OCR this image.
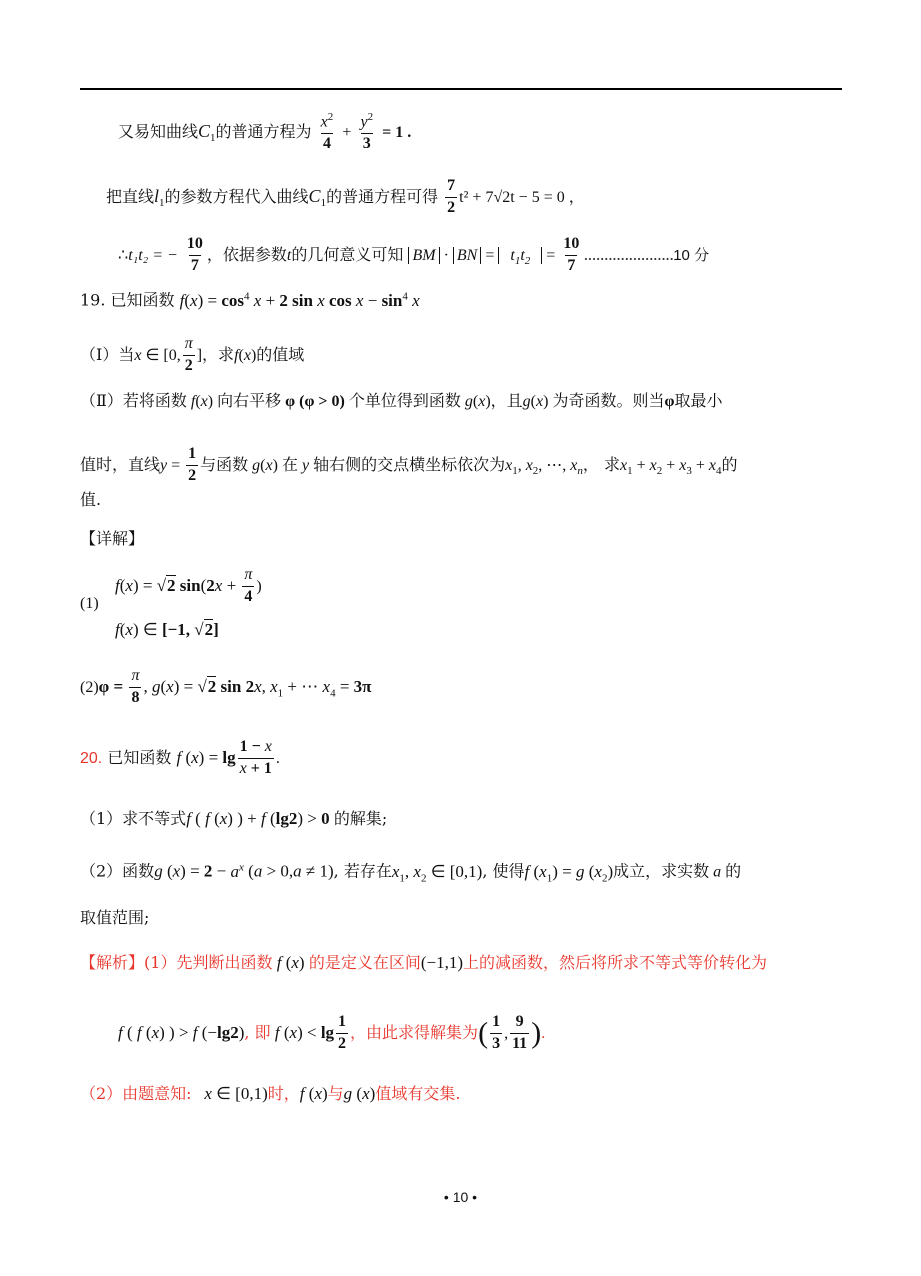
又易知曲线$C_1$的普通方程为 $\frac{x^2}{4} + \frac{y^2}{3} = 1$ .
把直线$l_1$的参数方程代入曲线$C_1$的普通方程可得 $\frac{7}{2} t^2 + 7√2t - 5 = 0$ ，
∴t₁t₂ = − $\frac{10}{7}$ ，依据参数t的几何意义可知 BM · BN =   $t_1t_2 = \frac{10}{7} ......................10$ 分
19. 已知函数 $f(x) = \cos^4 x + 2$ sin x $\cos x - \sin^4 x$
（Ⅰ）当x ∈ [0, $\frac{\pi}{2}$ ]，求f(x)的值域
（Ⅱ）若将函数 f(x) 向右平移 φ (φ > 0) 个单位得到函数 g(x)，且g(x) 为奇函数。则当φ取最小
值时，直线$y = \frac{1}{2}$ 与函数 g(x) 在 y 轴右侧的交点横坐标依次为$x_1$, $x_2$, ⋯, $x_n$， 求$x_1 + x_2 + x_3 + x_4$的
值.
【详解】
(1)
f(x) = √2 $\sin(2x + \frac{\pi}{4}$ )
f(x) ∈ [−1, √2]
$(2)\varphi = \frac{\pi}{8}$ , g(x) = √2 sin 2x, $x_1$ + ⋯ $x_4 = 3\pi$
20. 已知函数 f $(x) = \lg \frac{1 - x}{x + 1}$ .
（1）求不等式f ( f (x) ) + f (lg2) > 0 的解集;
（2）函数g $(x) = 2 - a^x$ (a > 0,a ≠ 1), 若存在$x_1$, $x_2$ ∈ [0,1), 使得f $(x_1) = g$ $(x_2)$成立，求实数 a 的
取值范围;
【解析】(1）先判断出函数 f (x) 的是定义在区间(−1,1)上的减函数，然后将所求不等式等价转化为
f ( f (x) ) > f (−lg2), 即 f $(x) < \lg \frac{1}{2}$ ，由此求得解集为( $\frac{1}{3}$ , $\frac{9}{11}$ ).
（2）由题意知: x ∈ [0,1)时，f (x)与g (x)值域有交集.
• 10 •
